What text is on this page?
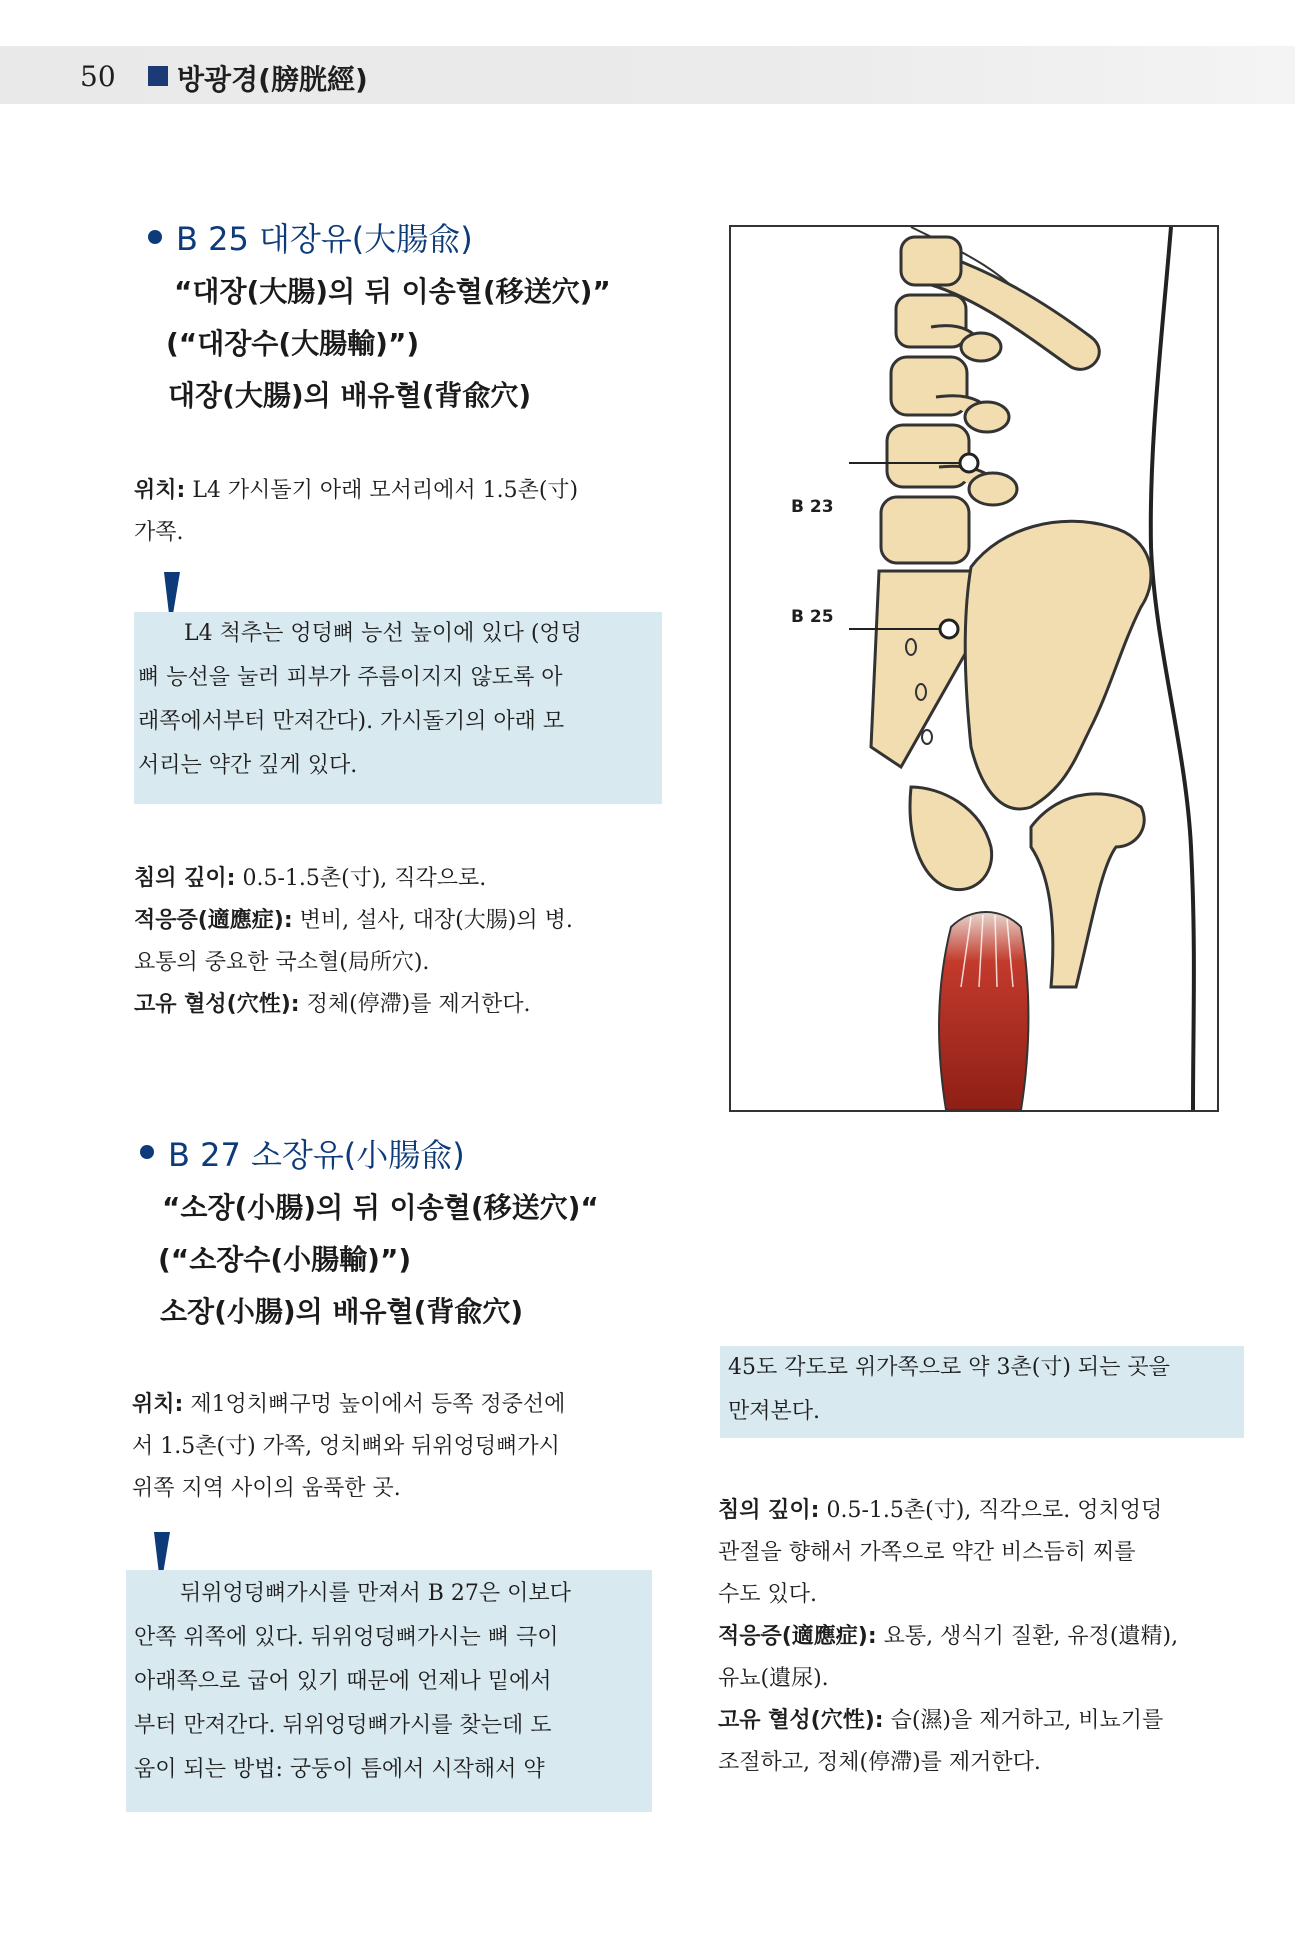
50 방광경(膀胱經)
B 25 대장유(大腸兪)
“대장(大腸)의 뒤 이송혈(移送穴)”
(“대장수(大腸輸)”)
대장(大腸)의 배유혈(背兪穴)
위치: L4 가시돌기 아래 모서리에서 1.5촌(寸)
가쪽.
L4 척추는 엉덩뼈 능선 높이에 있다 (엉덩
뼈 능선을 눌러 피부가 주름이지지 않도록 아
래쪽에서부터 만져간다). 가시돌기의 아래 모
서리는 약간 깊게 있다.
침의 깊이: 0.5-1.5촌(寸), 직각으로.
적응증(適應症): 변비, 설사, 대장(大腸)의 병.
요통의 중요한 국소혈(局所穴).
고유 혈성(穴性): 정체(停滯)를 제거한다.
B 23
B 25
B 27 소장유(小腸兪)
“소장(小腸)의 뒤 이송혈(移送穴)“
(“소장수(小腸輸)”)
소장(小腸)의 배유혈(背兪穴)
위치: 제1엉치뼈구멍 높이에서 등쪽 정중선에
서 1.5촌(寸) 가쪽, 엉치뼈와 뒤위엉덩뼈가시
위쪽 지역 사이의 움푹한 곳.
뒤위엉덩뼈가시를 만져서 B 27은 이보다
안쪽 위쪽에 있다. 뒤위엉덩뼈가시는 뼈 극이
아래쪽으로 굽어 있기 때문에 언제나 밑에서
부터 만져간다. 뒤위엉덩뼈가시를 찾는데 도
움이 되는 방법: 궁둥이 틈에서 시작해서 약
45도 각도로 위가쪽으로 약 3촌(寸) 되는 곳을
만져본다.
침의 깊이: 0.5-1.5촌(寸), 직각으로. 엉치엉덩
관절을 향해서 가쪽으로 약간 비스듬히 찌를
수도 있다.
적응증(適應症): 요통, 생식기 질환, 유정(遺精),
유뇨(遺尿).
고유 혈성(穴性): 습(濕)을 제거하고, 비뇨기를
조절하고, 정체(停滯)를 제거한다.
